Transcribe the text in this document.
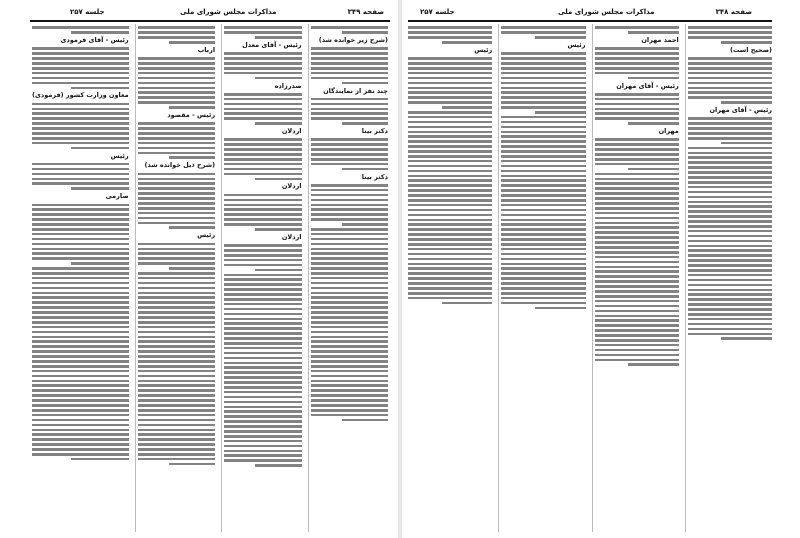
جلسه ۲۵۷	مذاکرات مجلس شورای ملی	صفحه ۳۴۹
(شرح زیر خوانده شد)
چند نفر از نمایندگان
دکتر بینا
دکتر بینا
رئیس - آقای معدل
صدرزاده
اردلان
اردلان
اردلان
ارباب
رئیس - مقصود
(شرح ذیل خوانده شد)
رئیس
رئیس - آقای فرمودی
معاون وزارت کشور (فرمودی)
رئیس
صارمی
صفحه ۳۴۸
مذاکرات مجلس شورای ملی
جلسه ۲۵۷
(صحیح است)
رئیس - آقای مهران
احمد مهران
رئیس - آقای مهران
مهران
رئیس
رئیس
